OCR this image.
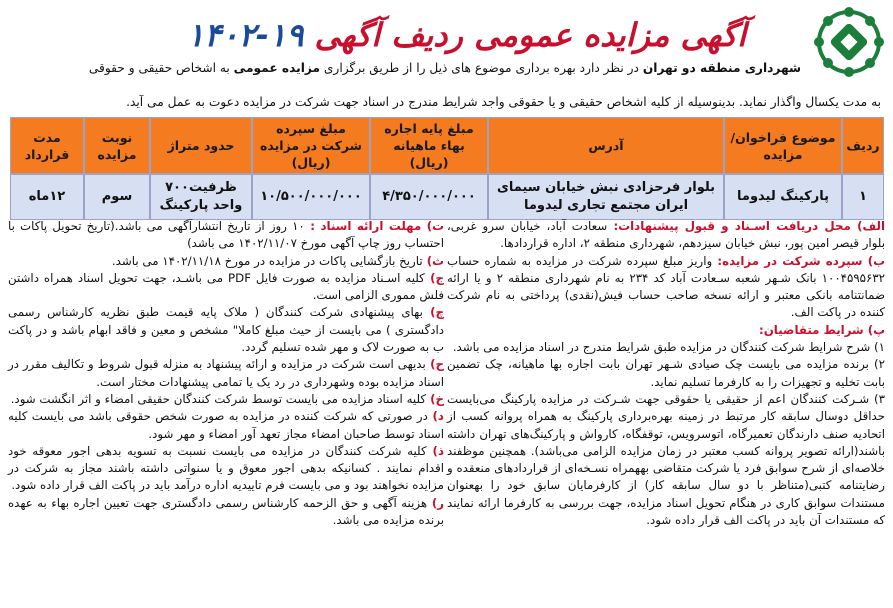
آگهی مزایده عمومی ردیف آگهی ۱۹-۱۴۰۲
شهرداری منطقه دو تهران در نظر دارد بهره برداری موضوع های ذیل را از طریق برگزاری مزایده عمومی به اشخاص حقیقی و حقوقی
به مدت یکسال واگذار نماید. بدینوسیله از کلیه اشخاص حقیقی و یا حقوقی واجد شرایط مندرج در اسناد جهت شرکت در مزایده دعوت به عمل می آید.
ردیف	موضوع فراخوان/مزایده	آدرس	مبلغ پایه اجاره بهاء ماهیانه (ریال)	مبلغ سپرده شرکت در مزایده (ریال)	حدود متراژ	نوبت مزایده	مدت قرارداد
۱	پارکینگ لیدوما	بلوار فرحزادی نبش خیابان سیمای ایران مجتمع تجاری لیدوما	۴/۳۵۰/۰۰۰/۰۰۰	۱۰/۵۰۰/۰۰۰/۰۰۰	ظرفیت۷۰۰ واحد پارکینگ	سوم	۱۲ماه

الف) محل دریافت اسـناد و قبول پیشنهادات: سعادت آباد، خیابان سرو غربی، بلوار قیصر امین پور، نبش خیابان سیزدهم، شهرداری منطقه ۲، اداره قراردادها.

ب) سپرده شرکت در مزایده: واریز مبلغ سپرده شرکت در مزایده به شماره حساب ۱۰۰۴۵۹۵۶۳۲ بانک شـهر شعبه سـعادت آباد کد ۲۳۴ به نام شهرداری منطقه ۲ و یا ارائه ضمانتنامه بانکی معتبر و ارائه نسخه صاحب حساب فیش(نقدی) پرداختی به نام شرکت کننده در پاکت الف.

پ) شرایط متقاضیان:

۱) شرح شرایط شرکت کنندگان در مزایده طبق شرایط مندرج در اسناد مزایده می باشد.

۲) برنده مزایده می بایست چک صیادی شـهر تهران بابت اجاره بها ماهیانه، چک تضمین بابت تخلیه و تجهیزات را به کارفرما تسلیم نماید.

۳) شـرکت کنندگان اعم از حقیقی یا حقوقی جهت شـرکت در مزایده پارکینگ می‌بایست حداقل دوسال سابقه کار مرتبط در زمینه بهره‌برداری پارکینگ به همراه پروانه کسب از اتحادیه صنف دارندگان تعمیرگاه، اتوسرویس، توقفگاه، کارواش و پارکینگ‌های تهران داشته باشند(ارائه تصویر پروانه کسب معتبر در زمان مزایده الزامی می‌باشد). همچنین موظفند خلاصه‌ای از شرح سوابق فرد یا شرکت متقاضی بههمراه نسـخه‌ای از قراردادهای منعقده و رضایتنامه کتبی(متناظر با دو سال سابقه کار) از کارفرمایان سابق خود را بهعنوان مستندات سوابق کاری در هنگام تحویل اسناد مزایده، جهت بررسی به کارفرما ارائه نمایند که مستندات آن باید در پاکت الف قرار داده شود.

ت) مهلت ارائه اسناد : ۱۰ روز از تاریخ انتشارآگهی می باشد.(تاریخ تحویل پاکات با احتساب روز چاپ آگهی مورخ ۱۴۰۲/۱۱/۰۷ می باشد)

ث) تاریخ بازگشایی پاکات در مزایده در مورخ ۱۴۰۲/۱۱/۱۸ می باشد.

ج) کلیه اسـناد مزایده به صورت فایل PDF می باشـد، جهت تحویل اسناد همراه داشتن فلش مموری الزامی است.

چ) بهای پیشنهادی شرکت کنندگان ( ملاک پایه قیمت طبق نظریه کارشناس رسمی دادگستری ) می بایست از حیث مبلغ کاملا" مشخص و معین و فاقد ابهام باشد و در پاکت ب به صورت لاک و مهر شده تسلیم گردد.

ح) بدیهی است شرکت در مزایده و ارائه پیشنهاد به منزله قبول شروط و تکالیف مقرر در اسناد مزایده بوده وشهرداری در رد یک یا تمامی پیشنهادات مختار است.

خ) کلیه اسناد مزایده می بایست توسط شرکت کنندگان حقیقی امضاء و اثر انگشت شود.

د) در صورتی که شرکت کننده در مزایده به صورت شخص حقوقی باشد می بایست کلیه اسناد توسط صاحبان امضاء مجاز تعهد آور امضاء و مهر شود.

ذ) کلیه شرکت کنندگان در مزایده می بایست نسبت به تسویه بدهی اجور معوقه خود اقدام نمایند . کسانیکه بدهی اجور معوق و یا سنواتی داشته باشند مجاز به شرکت در مزایده نخواهند بود و می بایست فرم تاییدیه اداره درآمد باید در پاکت الف قرار داده شود.

ر) هزینه آگهی و حق الزحمه کارشناس رسمی دادگستری جهت تعیین اجاره بهاء به عهده برنده مزایده می باشد.
